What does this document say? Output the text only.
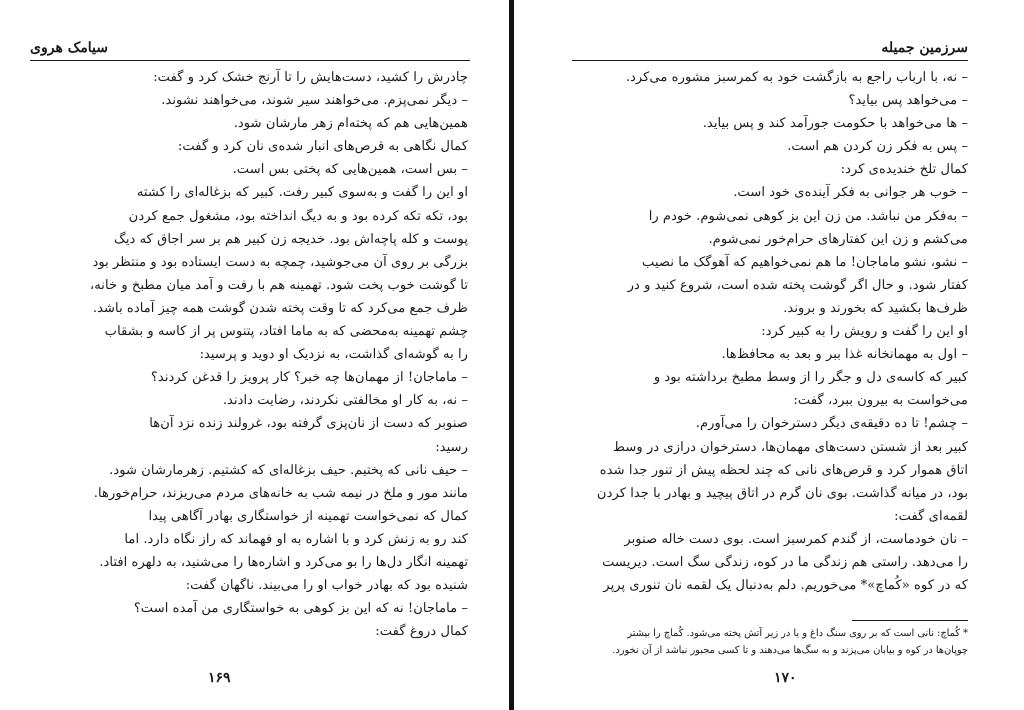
سیامک هروی

چادرش را کشید، دست‌هایش را تا آرنج خشک کرد و گفت:

– دیگر نمی‌پزم. می‌خواهند سیر شوند، می‌خواهند نشوند.

همین‌هایی هم که پخته‌ام زهر مارشان شود.

کمال نگاهی به قرص‌های انبار شده‌ی نان کرد و گفت:

– بس است، همین‌هایی که پختی بس است.

او این را گفت و به‌سوی کبیر رفت. کبیر که بزغاله‌ای را کشته

بود، تکه تکه کرده بود و به دیگ انداخته بود، مشغول جمع کردن

پوست و کله پاچه‌اش بود. خدیجه زن کبیر هم بر سر اجاق که دیگ

بزرگی بر روی آن می‌جوشید، چمچه به دست ایستاده بود و منتظر بود

تا گوشت خوب پخت شود. تهمینه هم با رفت و آمد میان مطبخ و خانه،

ظرف جمع می‌کرد که تا وقت پخته شدن گوشت همه چیز آماده باشد.

چشم تهمینه به‌محضی که به ماما افتاد، پتنوس پر از کاسه و بشقاب

را به گوشه‌ای گذاشت، به نزدیک او دوید و پرسید:

– ماماجان! از مهمان‌ها چه خبر؟ کار پرویز را قدغن کردند؟

– نه، به کار او مخالفتی نکردند، رضایت دادند.

صنوبر که دست از نان‌پزی گرفته بود، غرولند زنده نزد آن‌ها

رسید:

– حیف نانی که پختیم. حیف بزغاله‌ای که کشتیم. زهرمارشان شود.

مانند مور و ملخ در نیمه شب به خانه‌های مردم می‌ریزند، حرام‌خورها.

کمال که نمی‌خواست تهمینه از خواستگاری بهادر آگاهی پیدا

کند رو به زنش کرد و با اشاره به او فهماند که راز نگاه دارد. اما

تهمینه انگار دل‌ها را بو می‌کرد و اشاره‌ها را می‌شنید، به دلهره افتاد.

شنیده بود که بهادر خواب او را می‌بیند. ناگهان گفت:

– ماماجان! نه که این بز کوهی به خواستگاری من آمده است؟

کمال دروغ گفت:

۱۶۹
سرزمین جمیله

– نه، با ارباب راجع به بازگشت خود به کمرسبز مشوره می‌کرد.

– می‌خواهد پس بیاید؟

– ها می‌خواهد با حکومت جورآمد کند و پس بیاید.

– پس به فکر زن کردن هم است.

کمال تلخ خندیده‌ی کرد:

– خوب هر جوانی به فکر آینده‌ی خود است.

– به‌فکر من نباشد. من زن این بز کوهی نمی‌شوم. خودم را

می‌کشم و زن این کفتارهای حرام‌خور نمی‌شوم.

– نشو، نشو ماماجان! ما هم نمی‌خواهیم که آهوگک ما نصیب

کفتار شود. و حال اگر گوشت پخته شده است، شروع کنید و در

ظرف‌ها بکشید که بخورند و بروند.

او این را گفت و رویش را به کبیر کرد:

– اول به مهمانخانه غذا ببر و بعد به محافظ‌ها.

کبیر که کاسه‌ی دل و جگر را از وسط مطبخ برداشته بود و

می‌خواست به بیرون ببرد، گفت:

– چشم! تا ده دقیقه‌ی دیگر دسترخوان را می‌آورم.

کبیر بعد از شستن دست‌های مهمان‌ها، دسترخوان درازی در وسط

اتاق هموار کرد و قرص‌های نانی که چند لحظه پیش از تنور جدا شده

بود، در میانه گذاشت. بوی نان گرم در اتاق پیچید و بهادر با جدا کردن

لقمه‌ای گفت:

– نان خودماست، از گندم کمرسبز است. بوی دست خاله صنوبر

را می‌دهد. راستی هم زندگی ما در کوه، زندگی سگ است. دیریست

که در کوه «کُماچ»* می‌خوریم. دلم به‌دنبال یک لقمه نان تنوری پرپر

* کُماچ: نانی است که بر روی سنگ داغ و یا در زیر آتش پخته می‌شود. کُماچ را بیشتر

چوپان‌ها در کوه و بیابان می‌پزند و به سگ‌ها می‌دهند و تا کسی مجبور نباشد از آن نخورد.

۱۷۰
